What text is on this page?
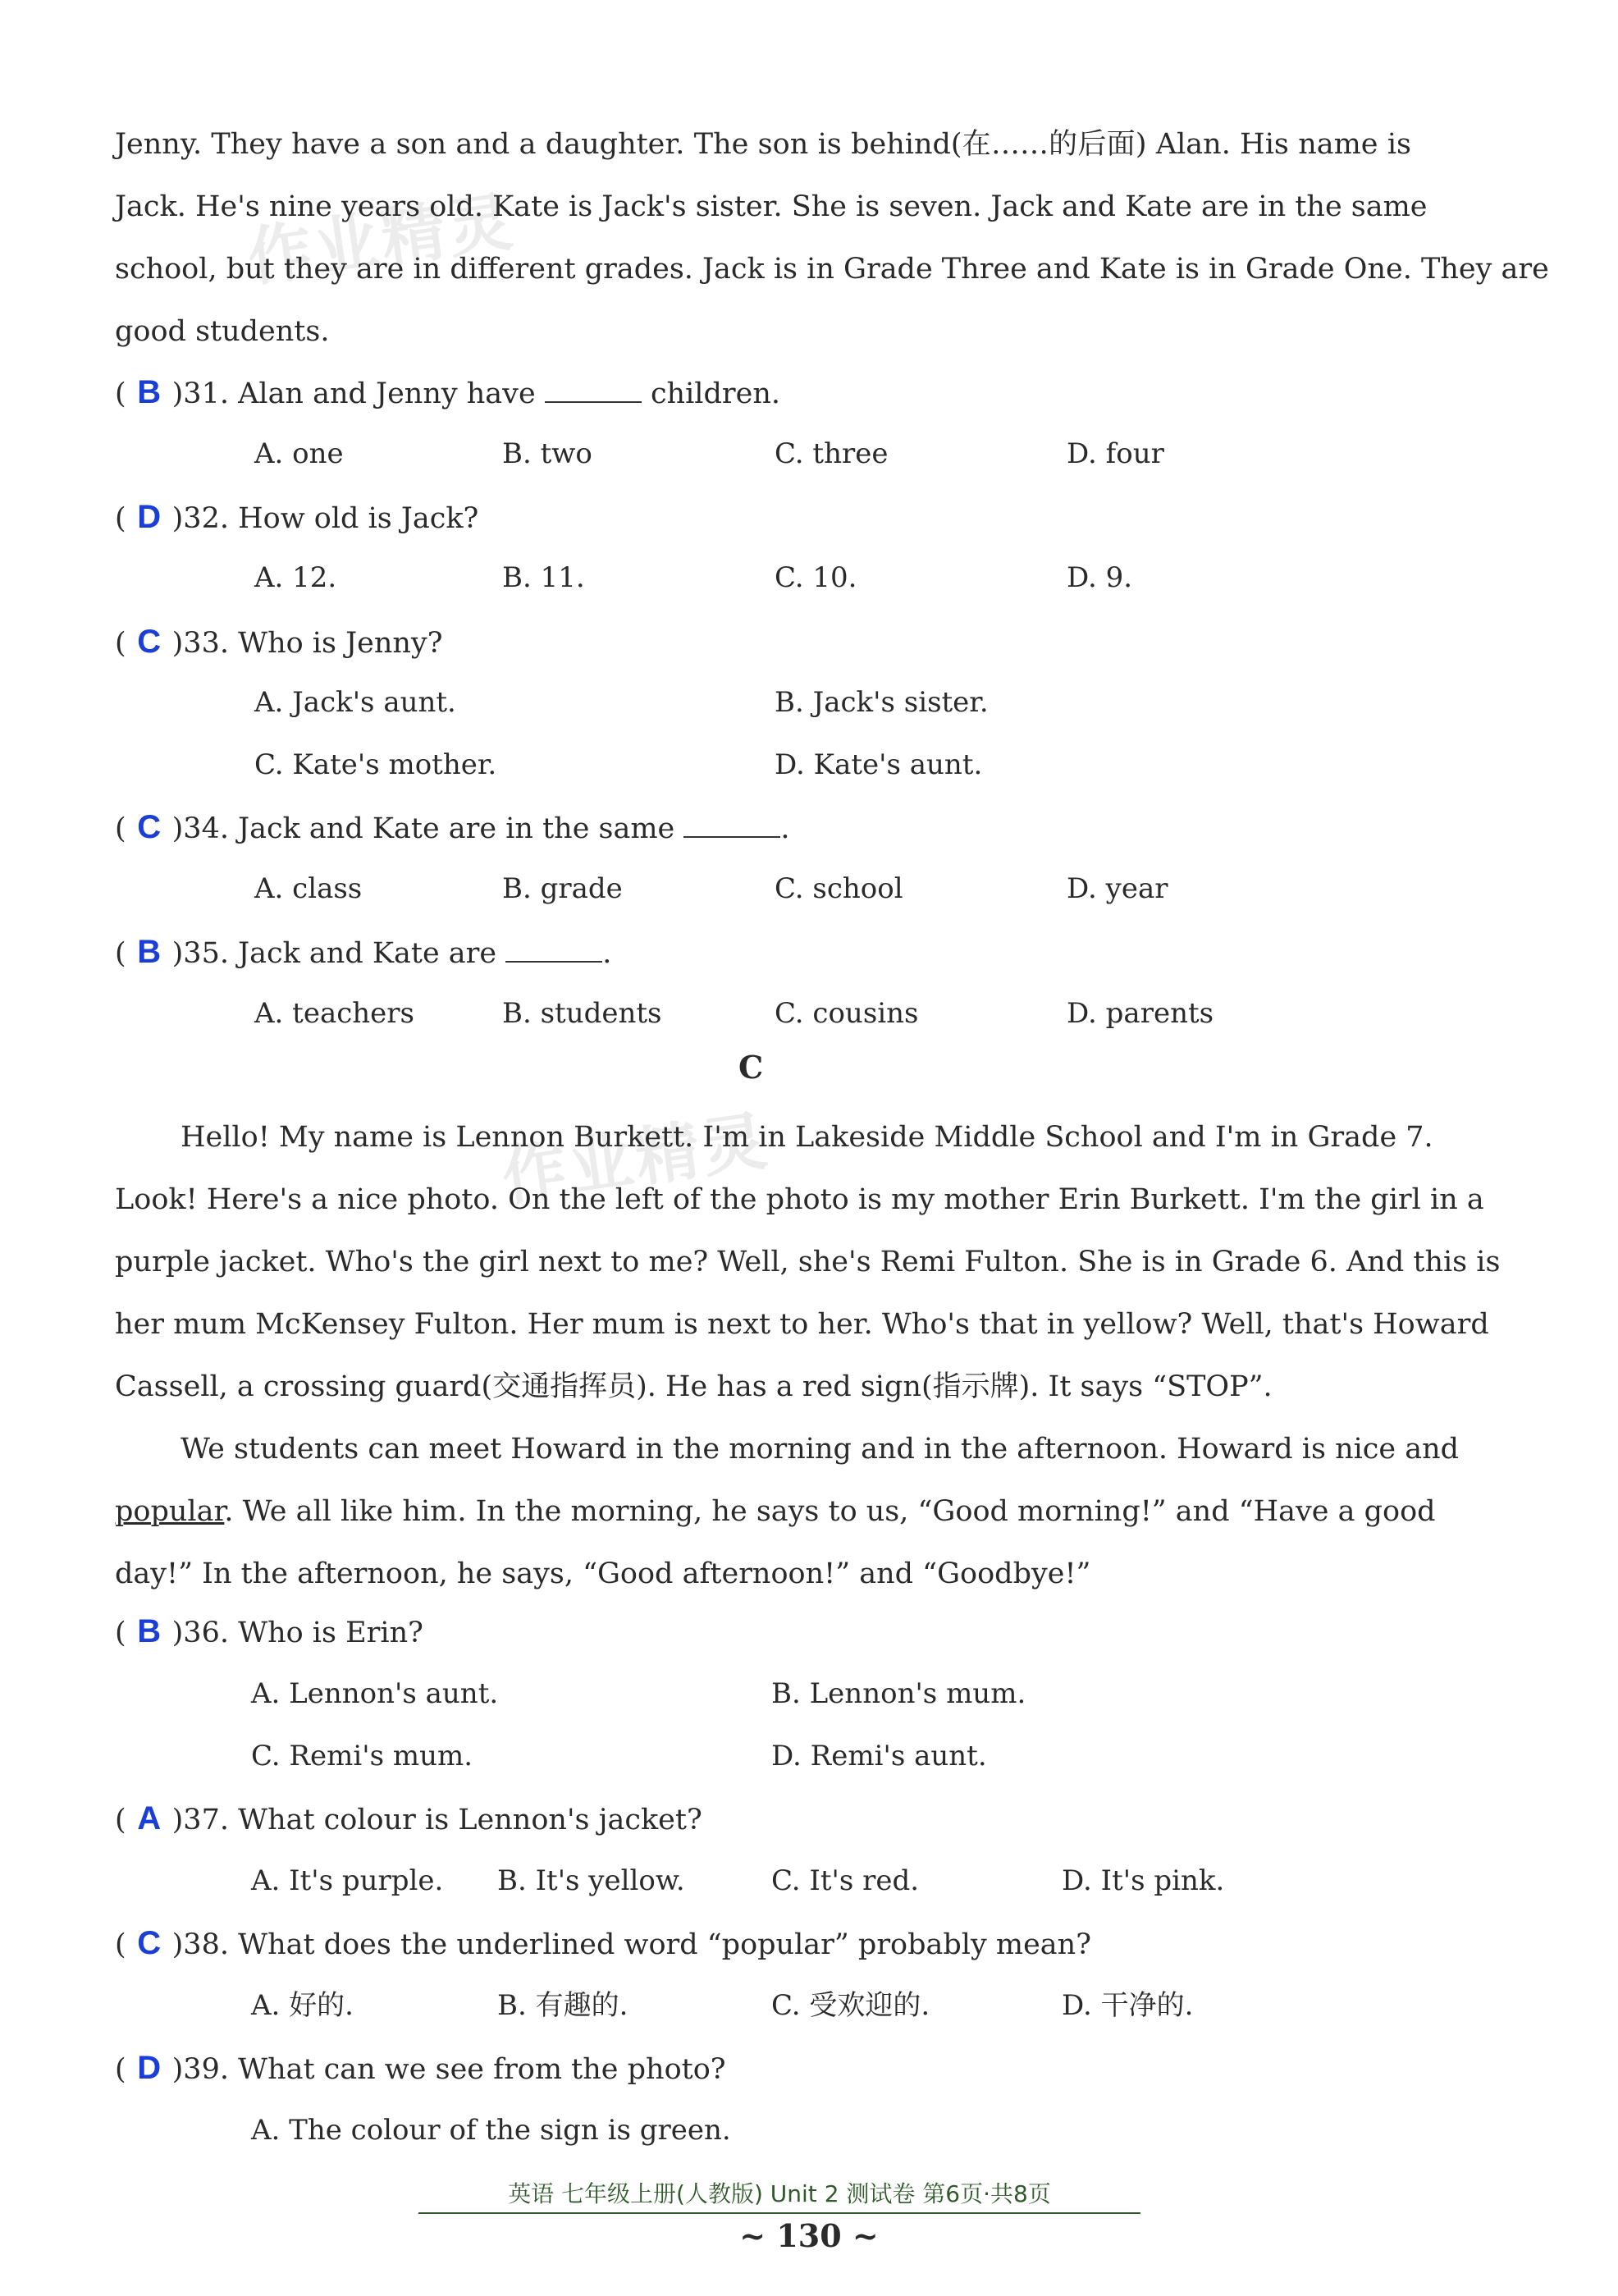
作业精灵
作业精灵
Jenny. They have a son and a daughter. The son is behind(在……的后面) Alan. His name is
Jack. He's nine years old. Kate is Jack's sister. She is seven. Jack and Kate are in the same
school, but they are in different grades. Jack is in Grade Three and Kate is in Grade One. They are
good students.
( B )31. Alan and Jenny have	children.
A. one	B. two	C. three	D. four
( D )32. How old is Jack?
A. 12.	B. 11.	C. 10.	D. 9.
( C )33. Who is Jenny?
A. Jack's aunt.	B. Jack's sister.
C. Kate's mother.	D. Kate's aunt.
( C )34. Jack and Kate are in the same	.
A. class	B. grade	C. school	D. year
( B )35. Jack and Kate are	.
A. teachers	B. students	C. cousins	D. parents
C
Hello! My name is Lennon Burkett. I'm in Lakeside Middle School and I'm in Grade 7.
Look! Here's a nice photo. On the left of the photo is my mother Erin Burkett. I'm the girl in a
purple jacket. Who's the girl next to me? Well, she's Remi Fulton. She is in Grade 6. And this is
her mum McKensey Fulton. Her mum is next to her. Who's that in yellow? Well, that's Howard
Cassell, a crossing guard(交通指挥员). He has a red sign(指示牌). It says “STOP”.
We students can meet Howard in the morning and in the afternoon. Howard is nice and
popular. We all like him. In the morning, he says to us, “Good morning!” and “Have a good
day!” In the afternoon, he says, “Good afternoon!” and “Goodbye!”
( B )36. Who is Erin?
A. Lennon's aunt.	B. Lennon's mum.
C. Remi's mum.	D. Remi's aunt.
( A )37. What colour is Lennon's jacket?
A. It's purple. B. It's yellow.	C. It's red.	D. It's pink.
( C )38. What does the underlined word “popular” probably mean?
A. 好的.	B. 有趣的.	C. 受欢迎的.	D. 干净的.
( D )39. What can we see from the photo?
A. The colour of the sign is green.
英语 七年级上册(人教版) Unit 2 测试卷 第6页·共8页
~ 130 ~
